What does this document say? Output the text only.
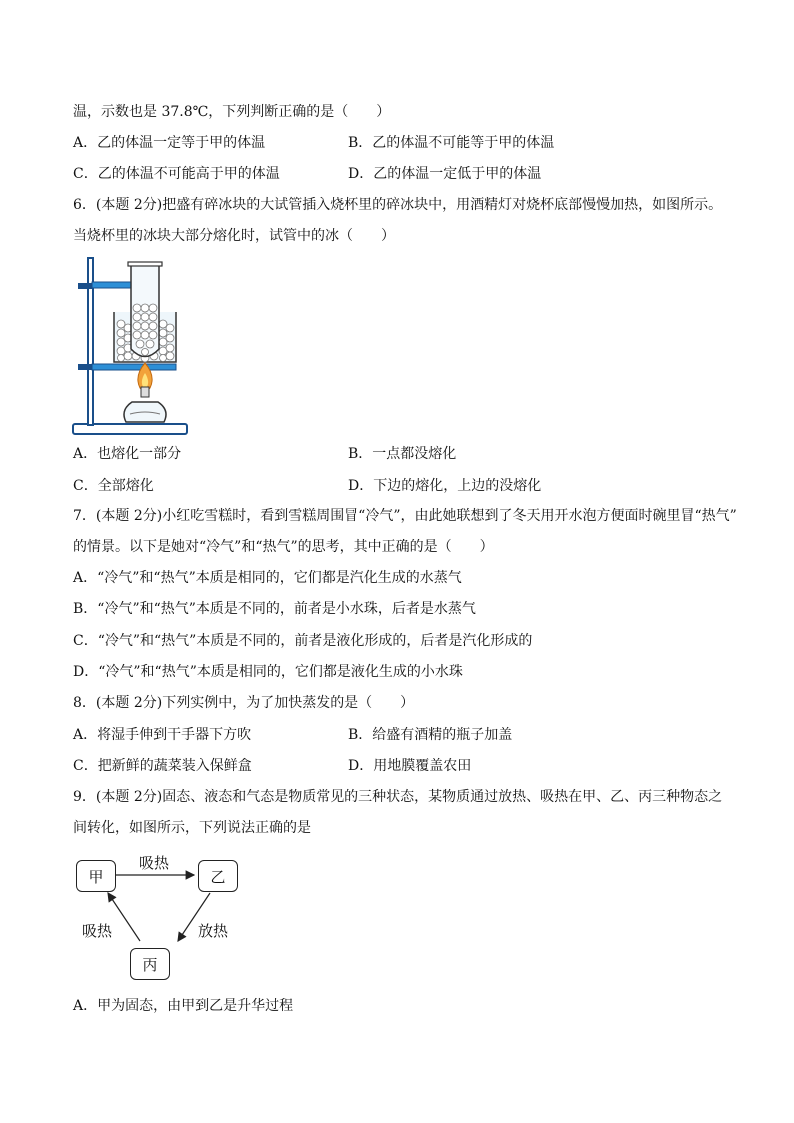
温，示数也是 37.8℃，下列判断正确的是（　　）
A．乙的体温一定等于甲的体温	B．乙的体温不可能等于甲的体温
C．乙的体温不可能高于甲的体温	D．乙的体温一定低于甲的体温
6．(本题 2分)把盛有碎冰块的大试管插入烧杯里的碎冰块中，用酒精灯对烧杯底部慢慢加热，如图所示。
当烧杯里的冰块大部分熔化时，试管中的冰（　　）
A．也熔化一部分	B．一点都没熔化
C．全部熔化	D．下边的熔化，上边的没熔化
7．(本题 2分)小红吃雪糕时，看到雪糕周围冒“冷气”，由此她联想到了冬天用开水泡方便面时碗里冒“热气”
的情景。以下是她对“冷气”和“热气”的思考，其中正确的是（　　）
A．“冷气”和“热气”本质是相同的，它们都是汽化生成的水蒸气
B．“冷气”和“热气”本质是不同的，前者是小水珠，后者是水蒸气
C．“冷气”和“热气”本质是不同的，前者是液化形成的，后者是汽化形成的
D．“冷气”和“热气”本质是相同的，它们都是液化生成的小水珠
8．(本题 2分)下列实例中，为了加快蒸发的是（　　）
A．将湿手伸到干手器下方吹	B．给盛有酒精的瓶子加盖
C．把新鲜的蔬菜装入保鲜盒	D．用地膜覆盖农田
9．(本题 2分)固态、液态和气态是物质常见的三种状态，某物质通过放热、吸热在甲、乙、丙三种物态之
间转化，如图所示，下列说法正确的是
甲	乙
丙
吸热
放热
吸热
A．甲为固态，由甲到乙是升华过程
